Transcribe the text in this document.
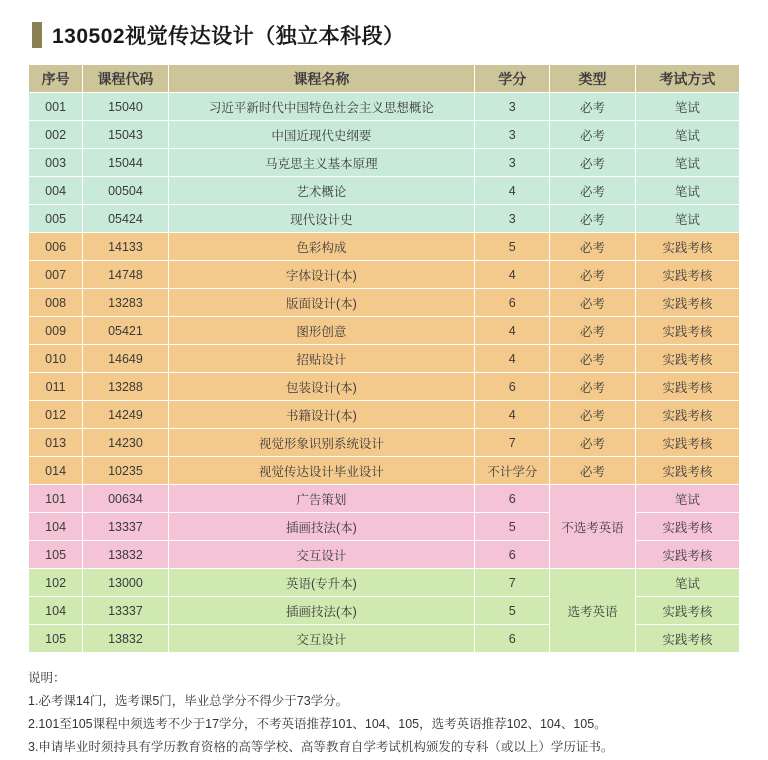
130502视觉传达设计（独立本科段）
序号	课程代码	课程名称	学分	类型	考试方式
001	15040	习近平新时代中国特色社会主义思想概论	3	必考	笔试
002	15043	中国近现代史纲要	3	必考	笔试
003	15044	马克思主义基本原理	3	必考	笔试
004	00504	艺术概论	4	必考	笔试
005	05424	现代设计史	3	必考	笔试
006	14133	色彩构成	5	必考	实践考核
007	14748	字体设计(本)	4	必考	实践考核
008	13283	版面设计(本)	6	必考	实践考核
009	05421	图形创意	4	必考	实践考核
010	14649	招贴设计	4	必考	实践考核
011	13288	包装设计(本)	6	必考	实践考核
012	14249	书籍设计(本)	4	必考	实践考核
013	14230	视觉形象识别系统设计	7	必考	实践考核
014	10235	视觉传达设计毕业设计	不计学分	必考	实践考核
101	00634	广告策划	6	不选考英语	笔试
104	13337	插画技法(本)	5		实践考核
105	13832	交互设计	6		实践考核
102	13000	英语(专升本)	7	选考英语	笔试
104	13337	插画技法(本)	5		实践考核
105	13832	交互设计	6		实践考核
说明：
1.必考课14门，选考课5门，毕业总学分不得少于73学分。
2.101至105课程中须选考不少于17学分，不考英语推荐101、104、105，选考英语推荐102、104、105。
3.申请毕业时须持具有学历教育资格的高等学校、高等教育自学考试机构颁发的专科（或以上）学历证书。
